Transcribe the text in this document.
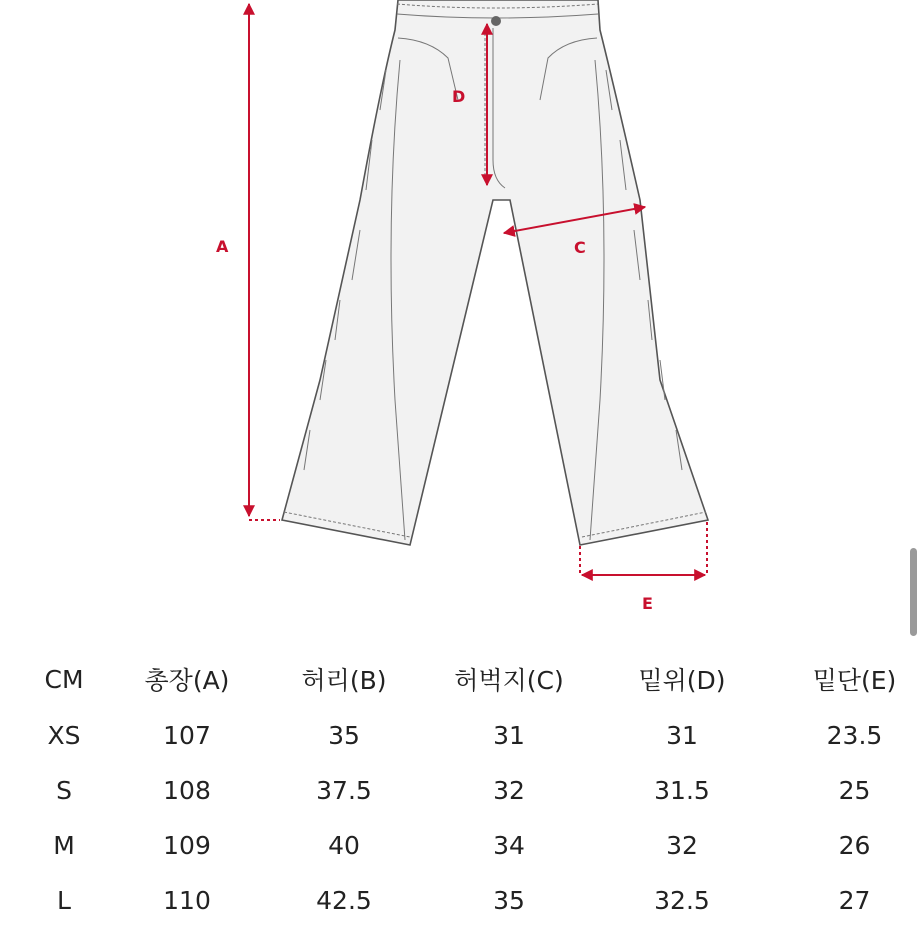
A
D
C
E
CM	총장(A)	허리(B)	허벅지(C)	밑위(D)	밑단(E)
XS	107	35	31	31	23.5
S	108	37.5	32	31.5	25
M	109	40	34	32	26
L	110	42.5	35	32.5	27
